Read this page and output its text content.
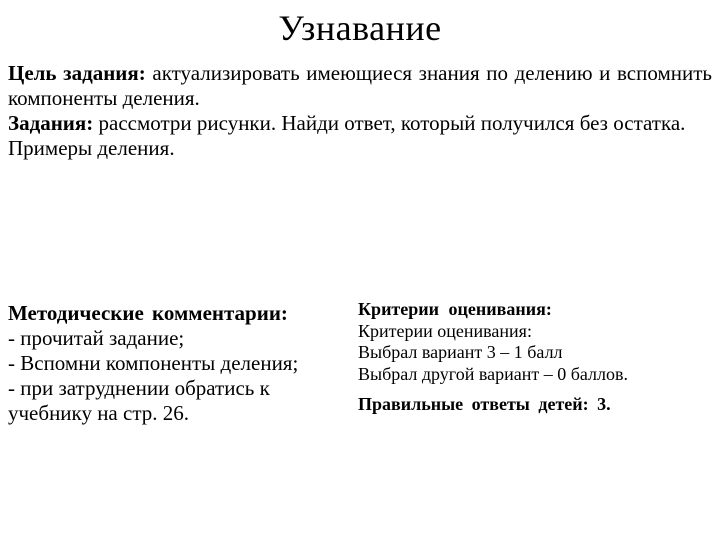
Узнавание

Цель задания: актуализировать имеющиеся знания по делению и вспомнить компоненты деления.

Задания: рассмотри рисунки. Найди ответ, который получился без остатка.

Примеры деления.

Методические комментарии:
- прочитай задание;
- Вспомни компоненты деления;
- при затруднении обратись к учебнику на стр. 26.
Критерии оценивания:
Критерии оценивания:
Выбрал вариант 3 – 1 балл
Выбрал другой вариант – 0 баллов.
Правильные ответы детей: 3.
